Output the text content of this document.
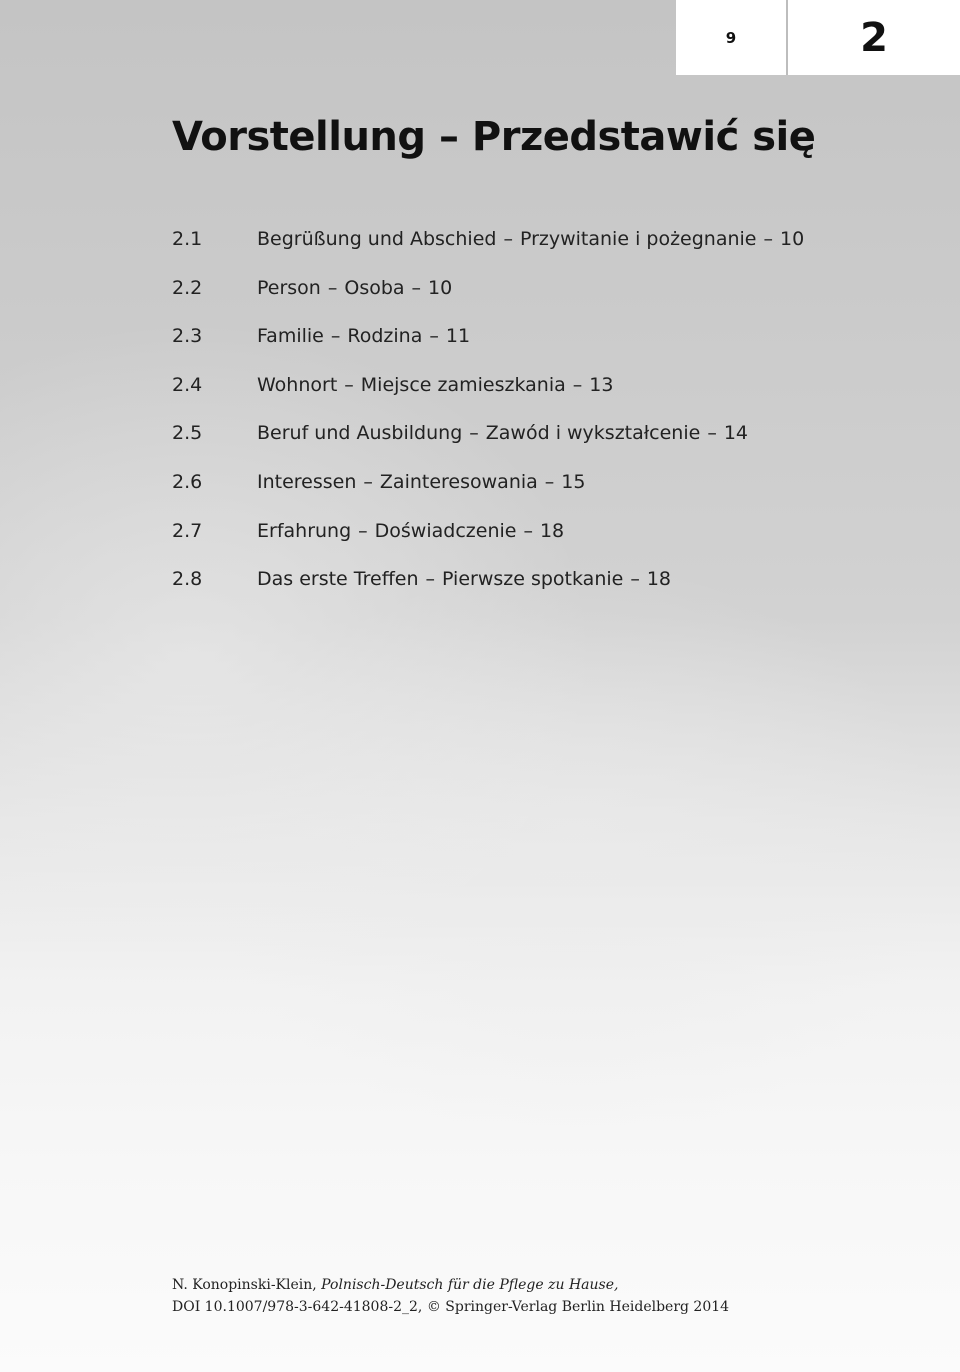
9	2
Vorstellung – Przedstawić się
2.1	Begrüßung und Abschied – Przywitanie i pożegnanie – 10
2.2	Person – Osoba – 10
2.3	Familie – Rodzina – 11
2.4	Wohnort – Miejsce zamieszkania – 13
2.5	Beruf und Ausbildung – Zawód i wykształcenie – 14
2.6	Interessen – Zainteresowania – 15
2.7	Erfahrung – Doświadczenie – 18
2.8	Das erste Treffen – Pierwsze spotkanie – 18
N. Konopinski-Klein, Polnisch-Deutsch für die Pflege zu Hause,
DOI 10.1007/978-3-642-41808-2_2, © Springer-Verlag Berlin Heidelberg 2014
